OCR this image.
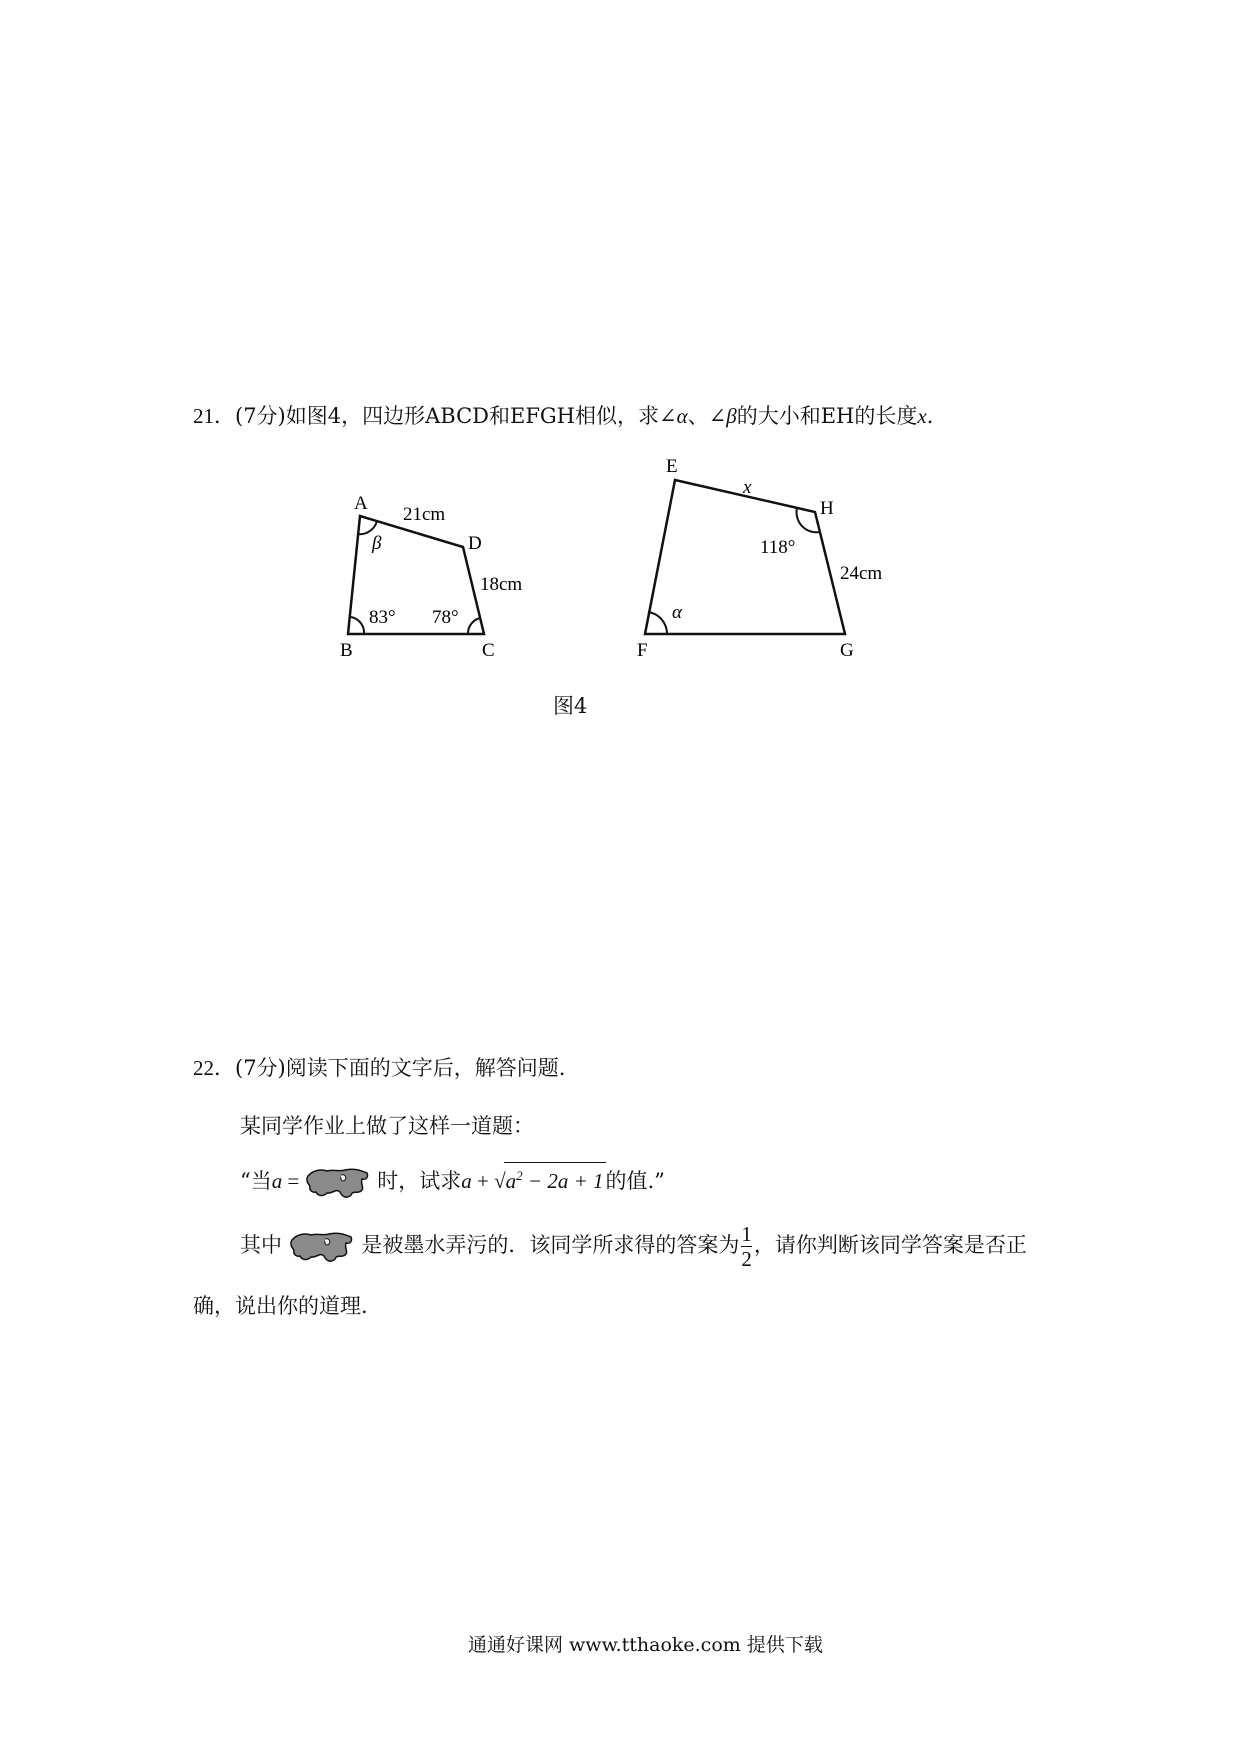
21．(7分)如图4，四边形ABCD和EFGH相似，求∠α、∠β的大小和EH的长度x．
A
B	C
D
21cm
18cm
83° 78°
β
E
F	G
H
x
24cm
118°
α
图4
22．(7分)阅读下面的文字后，解答问题.
某同学作业上做了这样一道题：
“当a =	时，试求$a + √a^2 - 2a + 1$的值.”
其中	是被墨水弄污的．该同学所求得的答案为 $\frac{1}{2}$ ，请你判断该同学答案是否正
确，说出你的道理.
通通好课网 www.tthaoke.com 提供下载
